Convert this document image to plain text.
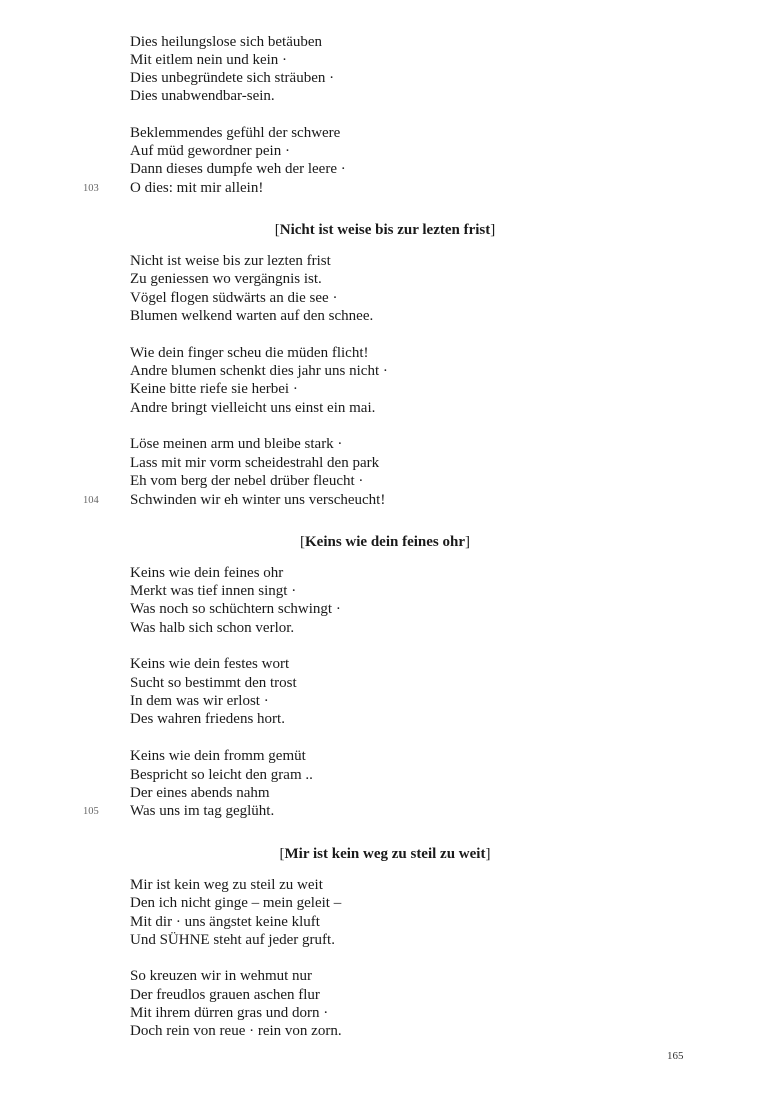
Dies heilungslose sich betäuben
Mit eitlem nein und kein ·
Dies unbegründete sich sträuben ·
Dies unabwendbar-sein.
Beklemmendes gefühl der schwere
Auf müd gewordner pein ·
Dann dieses dumpfe weh der leere ·
O dies: mit mir allein!
103
[Nicht ist weise bis zur lezten frist]
Nicht ist weise bis zur lezten frist
Zu geniessen wo vergängnis ist.
Vögel flogen südwärts an die see ·
Blumen welkend warten auf den schnee.
Wie dein finger scheu die müden flicht!
Andre blumen schenkt dies jahr uns nicht ·
Keine bitte riefe sie herbei ·
Andre bringt vielleicht uns einst ein mai.
Löse meinen arm und bleibe stark ·
Lass mit mir vorm scheidestrahl den park
Eh vom berg der nebel drüber fleucht ·
Schwinden wir eh winter uns verscheucht!
104
[Keins wie dein feines ohr]
Keins wie dein feines ohr
Merkt was tief innen singt ·
Was noch so schüchtern schwingt ·
Was halb sich schon verlor.
Keins wie dein festes wort
Sucht so bestimmt den trost
In dem was wir erlost ·
Des wahren friedens hort.
Keins wie dein fromm gemüt
Bespricht so leicht den gram ..
Der eines abends nahm
Was uns im tag geglüht.
105
[Mir ist kein weg zu steil zu weit]
Mir ist kein weg zu steil zu weit
Den ich nicht ginge – mein geleit –
Mit dir · uns ängstet keine kluft
Und SÜHNE steht auf jeder gruft.
So kreuzen wir in wehmut nur
Der freudlos grauen aschen flur
Mit ihrem dürren gras und dorn ·
Doch rein von reue · rein von zorn.
165
